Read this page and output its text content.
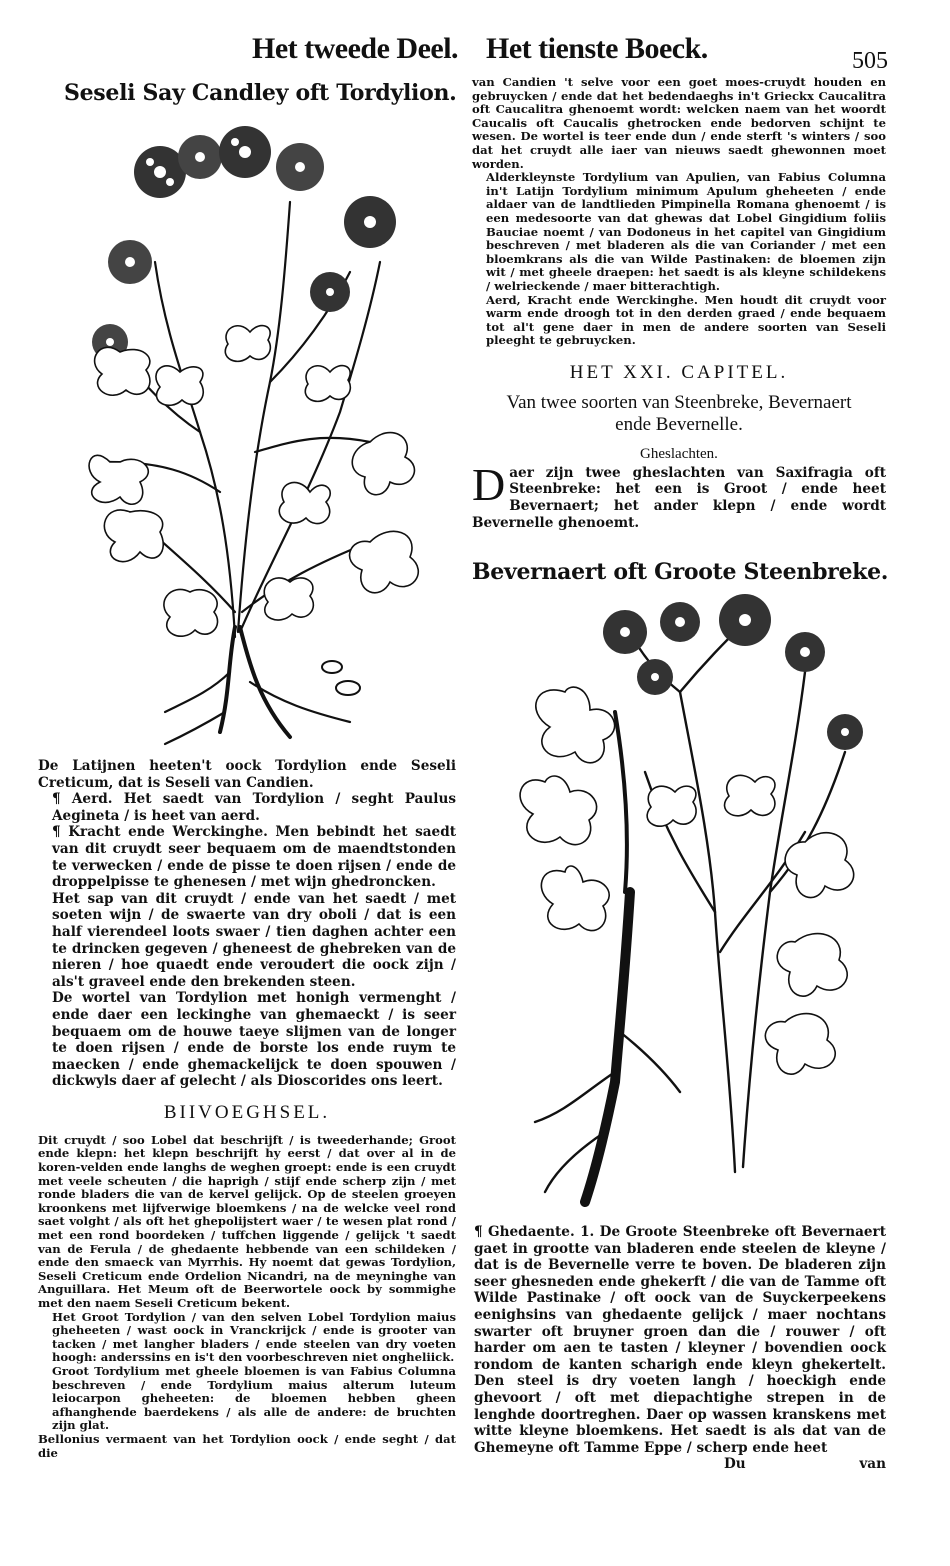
Het tweede Deel. Het tienste Boeck.	505
Seseli Say Candley oft Tordylion.

De Latijnen heeten't oock Tordylion ende Seseli Creticum, dat is Seseli van Candien.

¶ Aerd. Het saedt van Tordylion / seght Paulus Aegineta / is heet van aerd.

¶ Kracht ende Werckinghe. Men bebindt het saedt van dit cruydt seer bequaem om de maendtstonden te verwecken / ende de pisse te doen rijsen / ende de droppelpisse te ghenesen / met wijn ghedroncken.

Het sap van dit cruydt / ende van het saedt / met soeten wijn / de swaerte van dry oboli / dat is een half vierendeel loots swaer / tien daghen achter een te drincken gegeven / gheneest de ghebreken van de nieren / hoe quaedt ende veroudert die oock zijn / als't graveel ende den brekenden steen.

De wortel van Tordylion met honigh vermenght / ende daer een leckinghe van ghemaeckt / is seer bequaem om de houwe taeye slijmen van de longer te doen rijsen / ende de borste los ende ruym te maecken / ende ghemackelijck te doen spouwen / dickwyls daer af gelecht / als Dioscorides ons leert.

BIIVOEGHSEL.

Dit cruydt / soo Lobel dat beschrijft / is tweederhande; Groot ende klepn: het klepn beschrijft hy eerst / dat over al in de koren-velden ende langhs de weghen groept: ende is een cruydt met veele scheuten / die haprigh / stijf ende scherp zijn / met ronde bladers die van de kervel gelijck. Op de steelen groeyen kroonkens met lijfverwige bloemkens / na de welcke veel rond saet volght / als oft het ghepolijstert waer / te wesen plat rond / met een rond boordeken / tuffchen liggende / gelijck 't saedt van de Ferula / de ghedaente hebbende van een schildeken / ende den smaeck van Myrrhis. Hy noemt dat gewas Tordylion, Seseli Creticum ende Ordelion Nicandri, na de meyninghe van Anguillara. Het Meum oft de Beerwortele oock by sommighe met den naem Seseli Creticum bekent.

Het Groot Tordylion / van den selven Lobel Tordylion maius gheheeten / wast oock in Vranckrijck / ende is grooter van tacken / met langher bladers / ende steelen van dry voeten hoogh: anderssins en is't den voorbeschreven niet ongheliick.

Groot Tordylium met gheele bloemen is van Fabius Columna beschreven / ende Tordylium maius alterum luteum leiocarpon gheheeten: de bloemen hebben gheen afhanghende baerdekens / als alle de andere: de bruchten zijn glat.

Bellonius vermaent van het Tordylion oock / ende seght / dat die

van Candien 't selve voor een goet moes-cruydt houden en gebruycken / ende dat het bedendaeghs in't Grieckx Caucalitra oft Caucalitra ghenoemt wordt: welcken naem van het woordt Caucalis oft Caucalis ghetrocken ende bedorven schijnt te wesen. De wortel is teer ende dun / ende sterft 's winters / soo dat het cruydt alle iaer van nieuws saedt ghewonnen moet worden.

Alderkleynste Tordylium van Apulien, van Fabius Columna in't Latijn Tordylium minimum Apulum gheheeten / ende aldaer van de landtlieden Pimpinella Romana ghenoemt / is een medesoorte van dat ghewas dat Lobel Gingidium foliis Bauciae noemt / van Dodoneus in het capitel van Gingidium beschreven / met bladeren als die van Coriander / met een bloemkrans als die van Wilde Pastinaken: de bloemen zijn wit / met gheele draepen: het saedt is als kleyne schildekens / welrieckende / maer bitterachtigh.

Aerd, Kracht ende Werckinghe. Men houdt dit cruydt voor warm ende droogh tot in den derden graed / ende bequaem tot al't gene daer in men de andere soorten van Seseli pleeght te gebruycken.

HET XXI. CAPITEL.
Van twee soorten van Steenbreke, Bevernaert
ende Bevernelle.
Gheslachten.

Daer zijn twee gheslachten van Saxifragia oft Steenbreke: het een is Groot / ende heet Bevernaert; het ander klepn / ende wordt Bevernelle ghenoemt.

Bevernaert oft Groote Steenbreke.

¶ Ghedaente. 1. De Groote Steenbreke oft Bevernaert gaet in grootte van bladeren ende steelen de kleyne / dat is de Bevernelle verre te boven. De bladeren zijn seer ghesneden ende ghekerft / die van de Tamme oft Wilde Pastinake / oft oock van de Suyckerpeekens eenighsins van ghedaente gelijck / maer nochtans swarter oft bruyner groen dan die / rouwer / oft harder om aen te tasten / kleyner / bovendien oock rondom de kanten scharigh ende kleyn ghekertelt. Den steel is dry voeten langh / hoeckigh ende ghevoort / oft met diepachtighe strepen in de lenghde doortreghen. Daer op wassen kranskens met witte kleyne bloemkens. Het saedt is als dat van de Ghemeyne oft Tamme Eppe / scherp ende heet

Du	van
